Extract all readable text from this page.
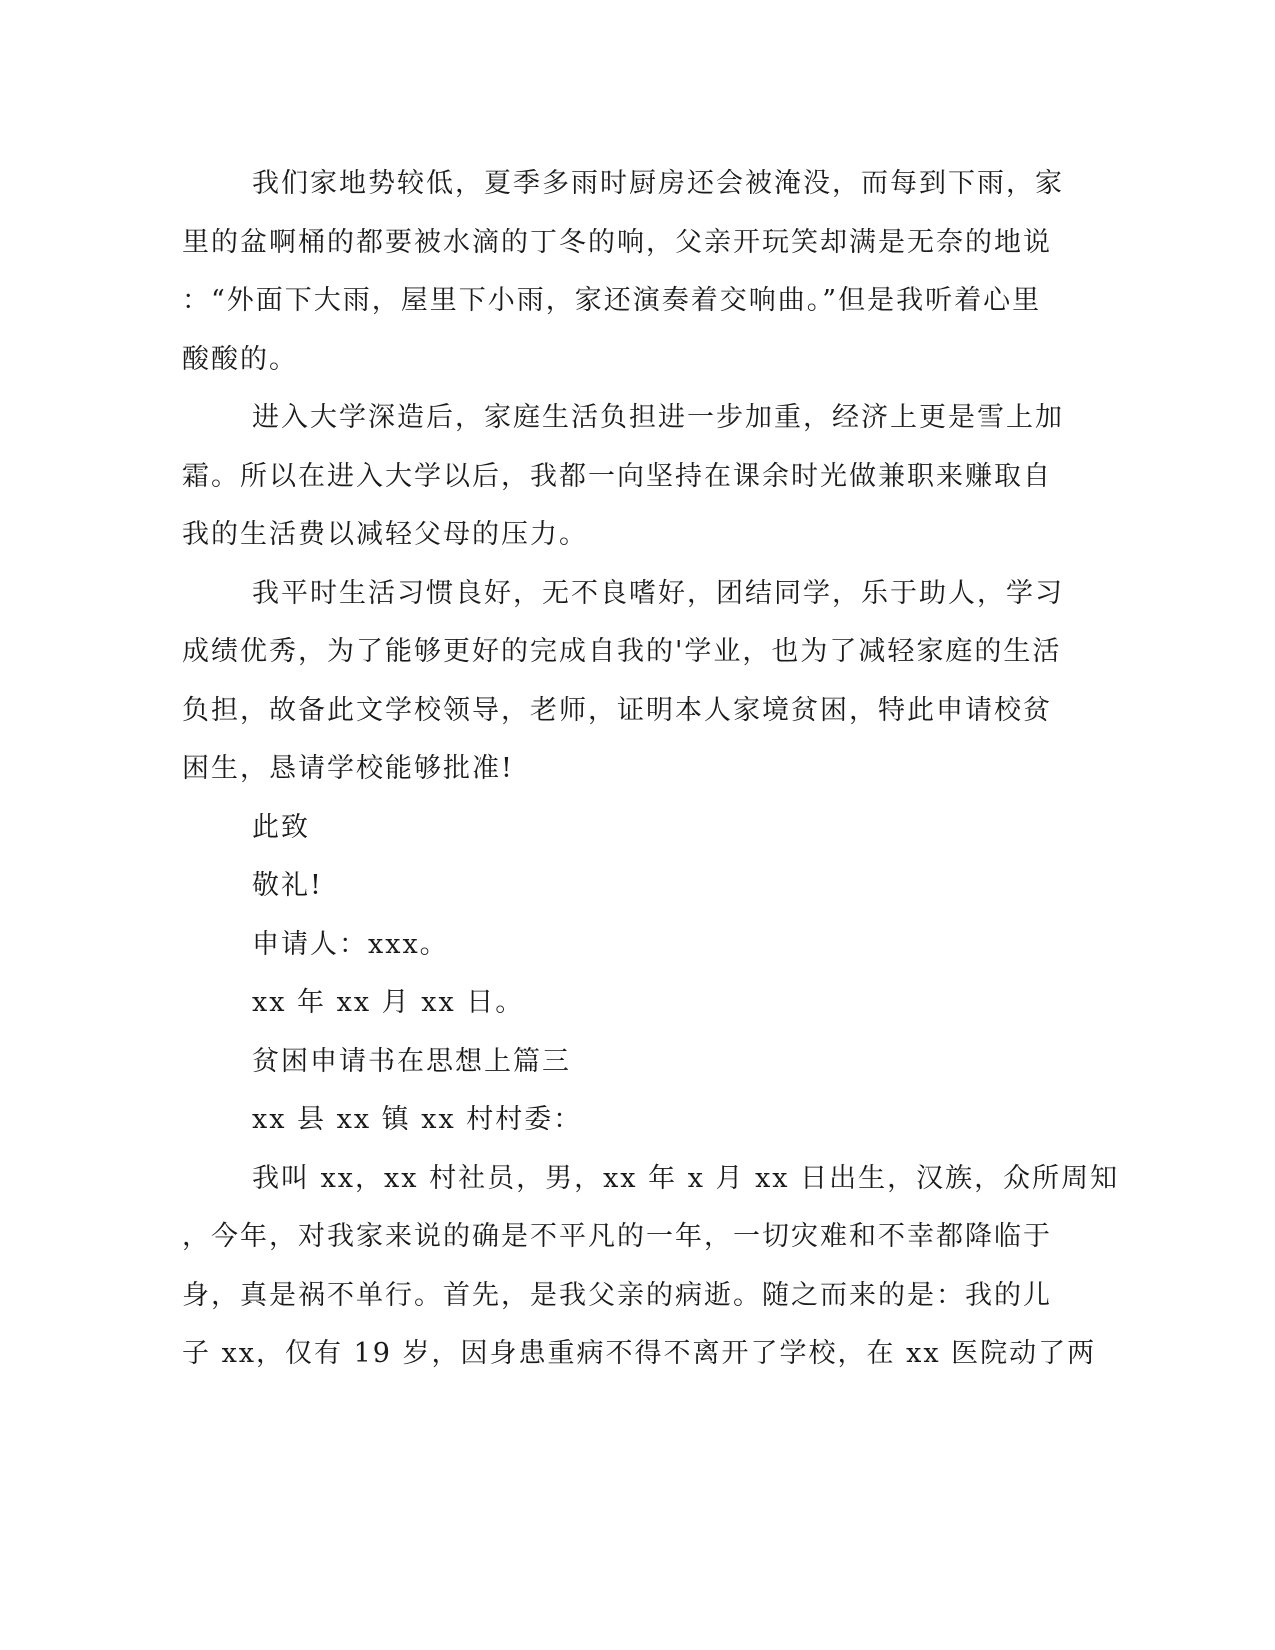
我们家地势较低，夏季多雨时厨房还会被淹没，而每到下雨，家
里的盆啊桶的都要被水滴的丁冬的响，父亲开玩笑却满是无奈的地说
：“外面下大雨，屋里下小雨，家还演奏着交响曲。”但是我听着心里
酸酸的。

进入大学深造后，家庭生活负担进一步加重，经济上更是雪上加
霜。所以在进入大学以后，我都一向坚持在课余时光做兼职来赚取自
我的生活费以减轻父母的压力。

我平时生活习惯良好，无不良嗜好，团结同学，乐于助人，学习
成绩优秀，为了能够更好的完成自我的'学业，也为了减轻家庭的生活
负担，故备此文学校领导，老师，证明本人家境贫困，特此申请校贫
困生，恳请学校能够批准!

此致

敬礼!

申请人：xxx。

xx 年 xx 月 xx 日。

贫困申请书在思想上篇三

xx 县 xx 镇 xx 村村委：

我叫 xx，xx 村社员，男，xx 年 x 月 xx 日出生，汉族，众所周知
，今年，对我家来说的确是不平凡的一年，一切灾难和不幸都降临于
身，真是祸不单行。首先，是我父亲的病逝。随之而来的是：我的儿
子 xx，仅有 19 岁，因身患重病不得不离开了学校，在 xx 医院动了两
